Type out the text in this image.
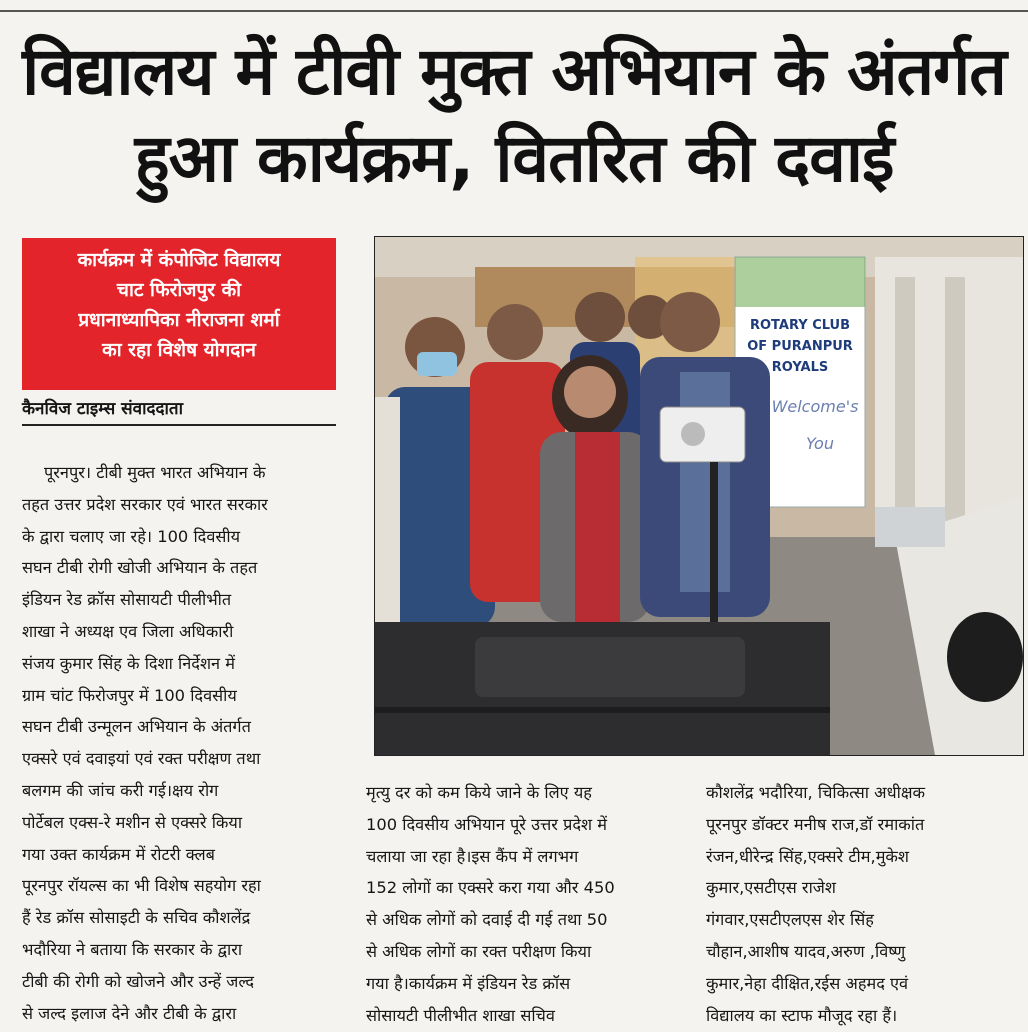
विद्यालय में टीवी मुक्त अभियान के अंतर्गत
हुआ कार्यक्रम, वितरित की दवाई
कार्यक्रम में कंपोजिट विद्यालय
चाट फिरोजपुर की
प्रधानाध्यापिका नीराजना शर्मा
का रहा विशेष योगदान
कैनविज टाइम्स संवाददाता
ROTARY CLUB
OF PURANPUR
ROYALS
Welcome's
You
पूरनपुर। टीबी मुक्त भारत अभियान के
तहत उत्तर प्रदेश सरकार एवं भारत सरकार
के द्वारा चलाए जा रहे। 100 दिवसीय
सघन टीबी रोगी खोजी अभियान के तहत
इंडियन रेड क्रॉस सोसायटी पीलीभीत
शाखा ने अध्यक्ष एव जिला अधिकारी
संजय कुमार सिंह के दिशा निर्देशन में
ग्राम चांट फिरोजपुर में 100 दिवसीय
सघन टीबी उन्मूलन अभियान के अंतर्गत
एक्सरे एवं दवाइयां एवं रक्त परीक्षण तथा
बलगम की जांच करी गई।क्षय रोग
पोर्टेबल एक्स-रे मशीन से एक्सरे किया
गया उक्त कार्यक्रम में रोटरी क्लब
पूरनपुर रॉयल्स का भी विशेष सहयोग रहा
हैं रेड क्रॉस सोसाइटी के सचिव कौशलेंद्र
भदौरिया ने बताया कि सरकार के द्वारा
टीबी की रोगी को खोजने और उन्हें जल्द
से जल्द इलाज देने और टीबी के द्वारा
मृत्यु दर को कम किये जाने के लिए यह
100 दिवसीय अभियान पूरे उत्तर प्रदेश में
चलाया जा रहा है।इस कैंप में लगभग
152 लोगों का एक्सरे करा गया और 450
से अधिक लोगों को दवाई दी गई तथा 50
से अधिक लोगों का रक्त परीक्षण किया
गया है।कार्यक्रम में इंडियन रेड क्रॉस
सोसायटी पीलीभीत शाखा सचिव
कौशलेंद्र भदौरिया, चिकित्सा अधीक्षक
पूरनपुर डॉक्टर मनीष राज,डॉ रमाकांत
रंजन,धीरेन्द्र सिंह,एक्सरे टीम,मुकेश
कुमार,एसटीएस राजेश
गंगवार,एसटीएलएस शेर सिंह
चौहान,आशीष यादव,अरुण ,विष्णु
कुमार,नेहा दीक्षित,रईस अहमद एवं
विद्यालय का स्टाफ मौजूद रहा हैं।
